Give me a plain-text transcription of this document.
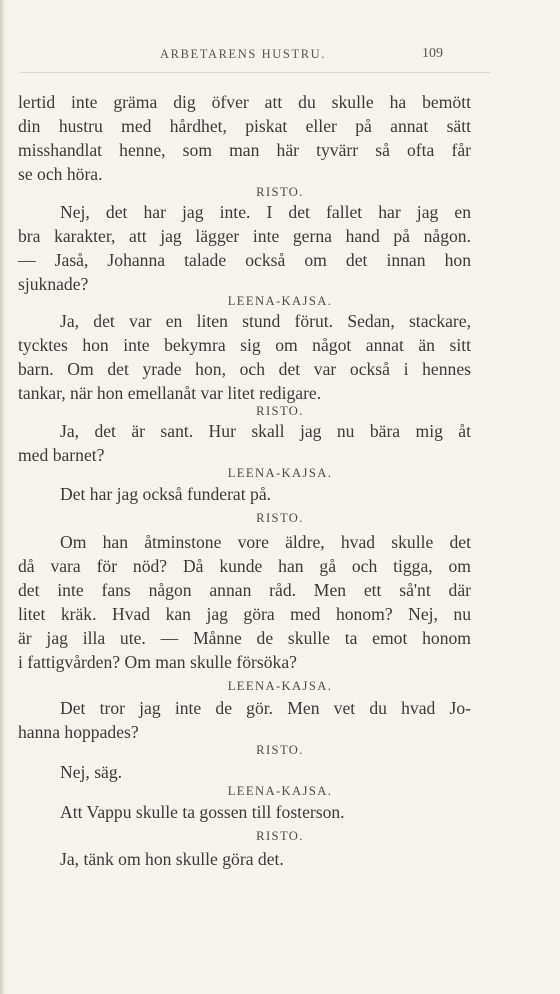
ARBETARENS HUSTRU.	109
lertid inte gräma dig öfver att du skulle ha bemött
din hustru med hårdhet, piskat eller på annat sätt
misshandlat henne, som man här tyvärr så ofta får
se och höra.
RISTO.
Nej, det har jag inte. I det fallet har jag en
bra karakter, att jag lägger inte gerna hand på någon.
— Jaså, Johanna talade också om det innan hon
sjuknade?
LEENA-KAJSA.
Ja, det var en liten stund förut. Sedan, stackare,
tycktes hon inte bekymra sig om något annat än sitt
barn. Om det yrade hon, och det var också i hennes
tankar, när hon emellanåt var litet redigare.
RISTO.
Ja, det är sant. Hur skall jag nu bära mig åt
med barnet?
LEENA-KAJSA.
Det har jag också funderat på.
RISTO.
Om han åtminstone vore äldre, hvad skulle det
då vara för nöd? Då kunde han gå och tigga, om
det inte fans någon annan råd. Men ett så'nt där
litet kräk. Hvad kan jag göra med honom? Nej, nu
är jag illa ute. — Månne de skulle ta emot honom
i fattigvården? Om man skulle försöka?
LEENA-KAJSA.
Det tror jag inte de gör. Men vet du hvad Jo-
hanna hoppades?
RISTO.
Nej, säg.
LEENA-KAJSA.
Att Vappu skulle ta gossen till fosterson.
RISTO.
Ja, tänk om hon skulle göra det.
